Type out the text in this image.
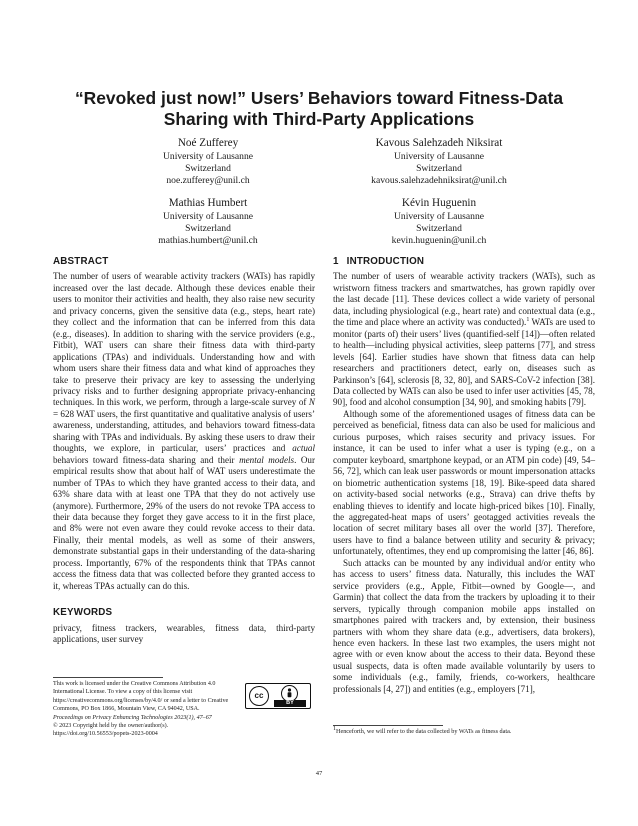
“Revoked just now!” Users’ Behaviors toward Fitness-Data
Sharing with Third-Party Applications
Noé Zufferey
University of Lausanne
Switzerland
noe.zufferey@unil.ch
Kavous Salehzadeh Niksirat
University of Lausanne
Switzerland
kavous.salehzadehniksirat@unil.ch
Mathias Humbert
University of Lausanne
Switzerland
mathias.humbert@unil.ch
Kévin Huguenin
University of Lausanne
Switzerland
kevin.huguenin@unil.ch
ABSTRACT

The number of users of wearable activity trackers (WATs) has rapidly increased over the last decade. Although these devices enable their users to monitor their activities and health, they also raise new security and privacy concerns, given the sensitive data (e.g., steps, heart rate) they collect and the information that can be inferred from this data (e.g., diseases). In addition to sharing with the service providers (e.g., Fitbit), WAT users can share their fitness data with third-party applications (TPAs) and individuals. Understanding how and with whom users share their fitness data and what kind of approaches they take to preserve their privacy are key to assessing the underlying privacy risks and to further designing appropriate privacy-enhancing techniques. In this work, we perform, through a large-scale survey of N = 628 WAT users, the first quantitative and qualitative analysis of users’ awareness, understanding, attitudes, and behaviors toward fitness-data sharing with TPAs and individuals. By asking these users to draw their thoughts, we explore, in particular, users’ practices and actual behaviors toward fitness-data sharing and their mental models. Our empirical results show that about half of WAT users underestimate the number of TPAs to which they have granted access to their data, and 63% share data with at least one TPA that they do not actively use (anymore). Furthermore, 29% of the users do not revoke TPA access to their data because they forget they gave access to it in the first place, and 8% were not even aware they could revoke access to their data. Finally, their mental models, as well as some of their answers, demonstrate substantial gaps in their understanding of the data-sharing process. Importantly, 67% of the respondents think that TPAs cannot access the fitness data that was collected before they granted access to it, whereas TPAs actually can do this.

KEYWORDS

privacy, fitness trackers, wearables, fitness data, third-party applications, user survey

This work is licensed under the Creative Commons Attribution 4.0 International License. To view a copy of this license visit https://creativecommons.org/licenses/by/4.0/ or send a letter to Creative Commons, PO Box 1866, Mountain View, CA 94042, USA.
Proceedings on Privacy Enhancing Technologies 2023(1), 47–67
© 2023 Copyright held by the owner/author(s).
https://doi.org/10.56553/popets-2023-0004
cc
BY
1 INTRODUCTION

The number of users of wearable activity trackers (WATs), such as wristworn fitness trackers and smartwatches, has grown rapidly over the last decade [11]. These devices collect a wide variety of personal data, including physiological (e.g., heart rate) and contextual data (e.g., the time and place where an activity was conducted).$^1$ WATs are used to monitor (parts of) their users’ lives (quantified-self [14])—often related to health—including physical activities, sleep patterns [77], and stress levels [64]. Earlier studies have shown that fitness data can help researchers and practitioners detect, early on, diseases such as Parkinson’s [64], sclerosis [8, 32, 80], and SARS-CoV-2 infection [38]. Data collected by WATs can also be used to infer user activities [45, 78, 90], food and alcohol consumption [34, 90], and smoking habits [79].

Although some of the aforementioned usages of fitness data can be perceived as beneficial, fitness data can also be used for malicious and curious purposes, which raises security and privacy issues. For instance, it can be used to infer what a user is typing (e.g., on a computer keyboard, smartphone keypad, or an ATM pin code) [49, 54–56, 72], which can leak user passwords or mount impersonation attacks on biometric authentication systems [18, 19]. Bike-speed data shared on activity-based social networks (e.g., Strava) can drive thefts by enabling thieves to identify and locate high-priced bikes [10]. Finally, the aggregated-heat maps of users’ geotagged activities reveals the location of secret military bases all over the world [37]. Therefore, users have to find a balance between utility and security & privacy; unfortunately, oftentimes, they end up compromising the latter [46, 86].

Such attacks can be mounted by any individual and/or entity who has access to users’ fitness data. Naturally, this includes the WAT service providers (e.g., Apple, Fitbit—owned by Google—, and Garmin) that collect the data from the trackers by uploading it to their servers, typically through companion mobile apps installed on smartphones paired with trackers and, by extension, their business partners with whom they share data (e.g., advertisers, data brokers), hence even hackers. In these last two examples, the users might not agree with or even know about the access to their data. Beyond these usual suspects, data is often made available voluntarily by users to some individuals (e.g., family, friends, co-workers, healthcare professionals [4, 27]) and entities (e.g., employers [71],

$^1$Henceforth, we will refer to the data collected by WATs as fitness data.
47
